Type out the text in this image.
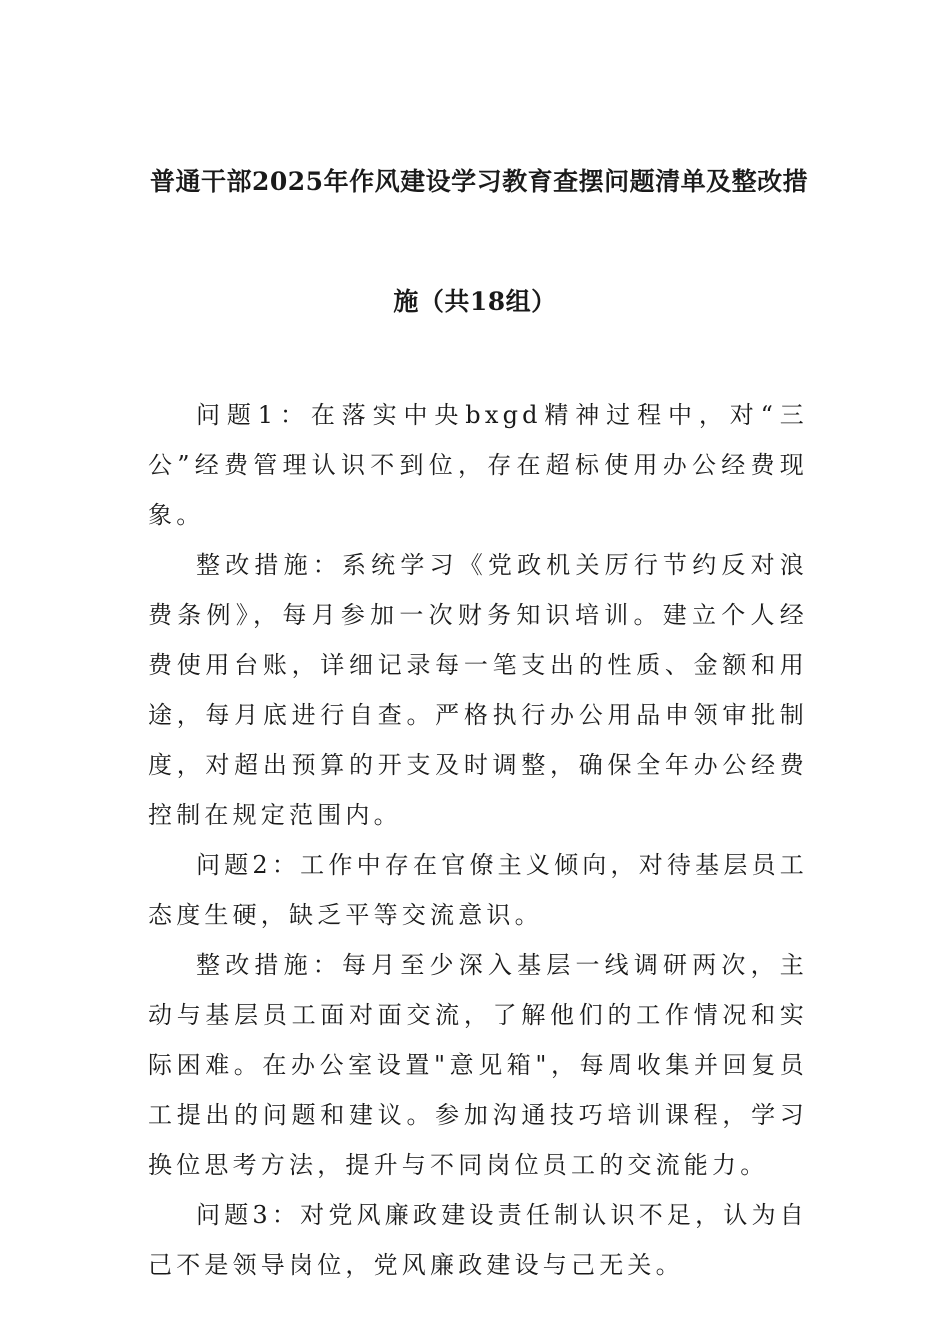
普通干部2025年作风建设学习教育查摆问题清单及整改措
施（共18组）

问题1：在落实中央bxgd精神过程中，对“三公”经费管理认识不到位，存在超标使用办公经费现象。

整改措施：系统学习《党政机关厉行节约反对浪费条例》，每月参加一次财务知识培训。建立个人经费使用台账，详细记录每一笔支出的性质、金额和用途，每月底进行自查。严格执行办公用品申领审批制度，对超出预算的开支及时调整，确保全年办公经费控制在规定范围内。

问题2：工作中存在官僚主义倾向，对待基层员工态度生硬，缺乏平等交流意识。

整改措施：每月至少深入基层一线调研两次，主动与基层员工面对面交流，了解他们的工作情况和实际困难。在办公室设置"意见箱"，每周收集并回复员工提出的问题和建议。参加沟通技巧培训课程，学习换位思考方法，提升与不同岗位员工的交流能力。

问题3：对党风廉政建设责任制认识不足，认为自己不是领导岗位，党风廉政建设与己无关。
